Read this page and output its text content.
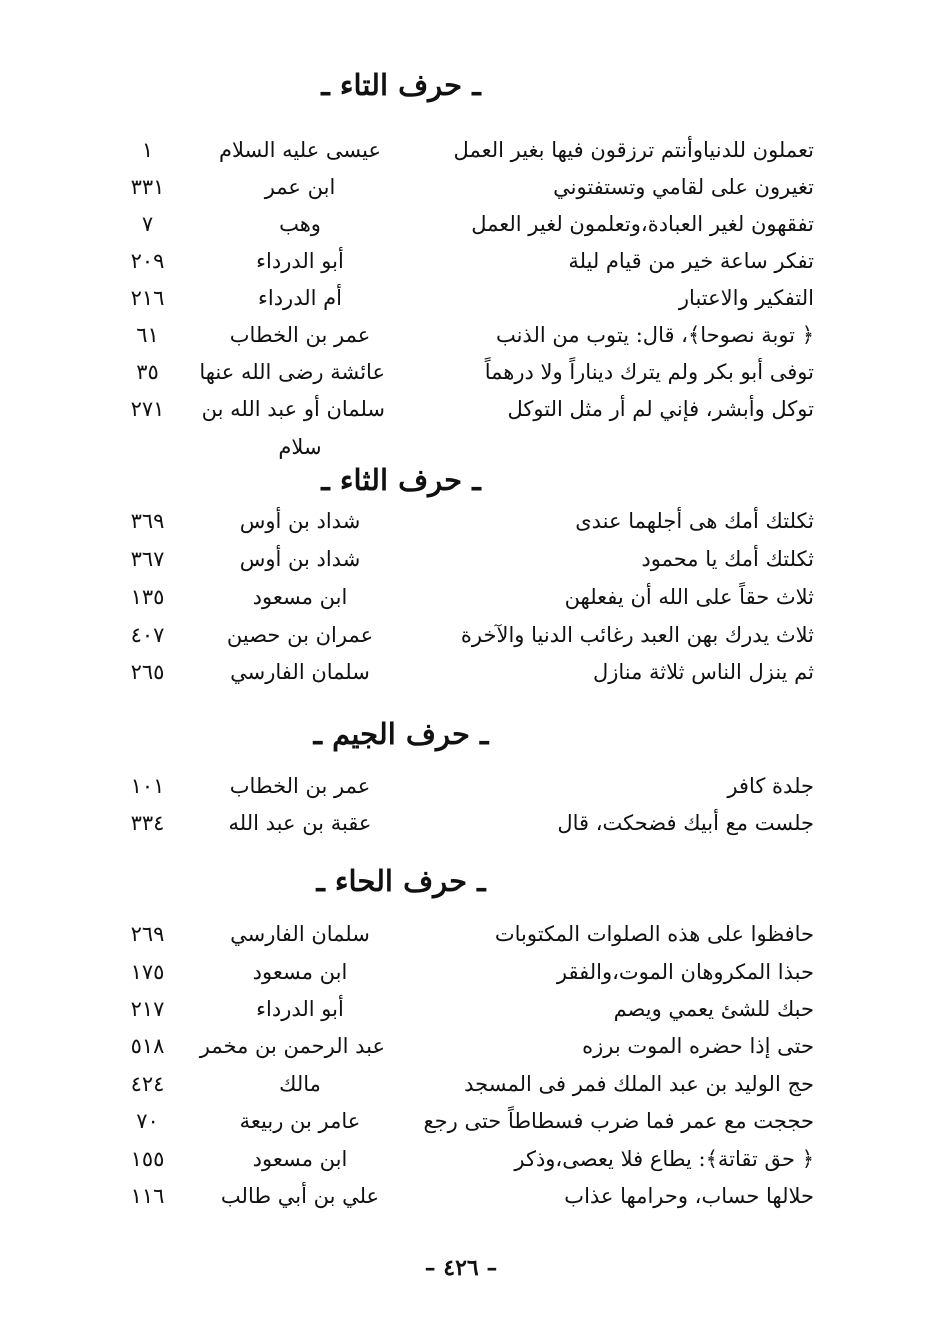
ـ حرف التاء ـ
تعملون للدنياوأنتم ترزقون فيها بغير العمل
عيسى عليه السلام
١
تغيرون على لقامي وتستفتوني
ابن عمر
٣٣١
تفقهون لغير العبادة،وتعلمون لغير العمل
وهب
٧
تفكر ساعة خير من قيام ليلة
أبو الدرداء
٢٠٩
التفكير والاعتبار
أم الدرداء
٢١٦
﴿ توبة نصوحا﴾، قال: يتوب من الذنب
عمر بن الخطاب
٦١
توفى أبو بكر ولم يترك ديناراً ولا درهماً
عائشة رضى الله عنها
٣٥
توكل وأبشر، فإني لم أر مثل التوكل
سلمان أو عبد الله بن
٢٧١
سلام
ـ حرف الثاء ـ
ثكلتك أمك هى أجلهما عندى
شداد بن أوس
٣٦٩
ثكلتك أمك يا محمود
شداد بن أوس
٣٦٧
ثلاث حقاً على الله أن يفعلهن
ابن مسعود
١٣٥
ثلاث يدرك بهن العبد رغائب الدنيا والآخرة
عمران بن حصين
٤٠٧
ثم ينزل الناس ثلاثة منازل
سلمان الفارسي
٢٦٥
ـ حرف الجيم ـ
جلدة كافر
عمر بن الخطاب
١٠١
جلست مع أبيك فضحكت، قال
عقبة بن عبد الله
٣٣٤
ـ حرف الحاء ـ
حافظوا على هذه الصلوات المكتوبات
سلمان الفارسي
٢٦٩
حبذا المكروهان الموت،والفقر
ابن مسعود
١٧٥
حبك للشئ يعمي ويصم
أبو الدرداء
٢١٧
حتى إذا حضره الموت برزه
عبد الرحمن بن مخمر
٥١٨
حج الوليد بن عبد الملك فمر فى المسجد
مالك
٤٢٤
حججت مع عمر فما ضرب فسطاطاً حتى رجع
عامر بن ربيعة
٧٠
﴿ حق تقاتة﴾: يطاع فلا يعصى،وذكر
ابن مسعود
١٥٥
حلالها حساب، وحرامها عذاب
علي بن أبي طالب
١١٦
– ٤٢٦ –
